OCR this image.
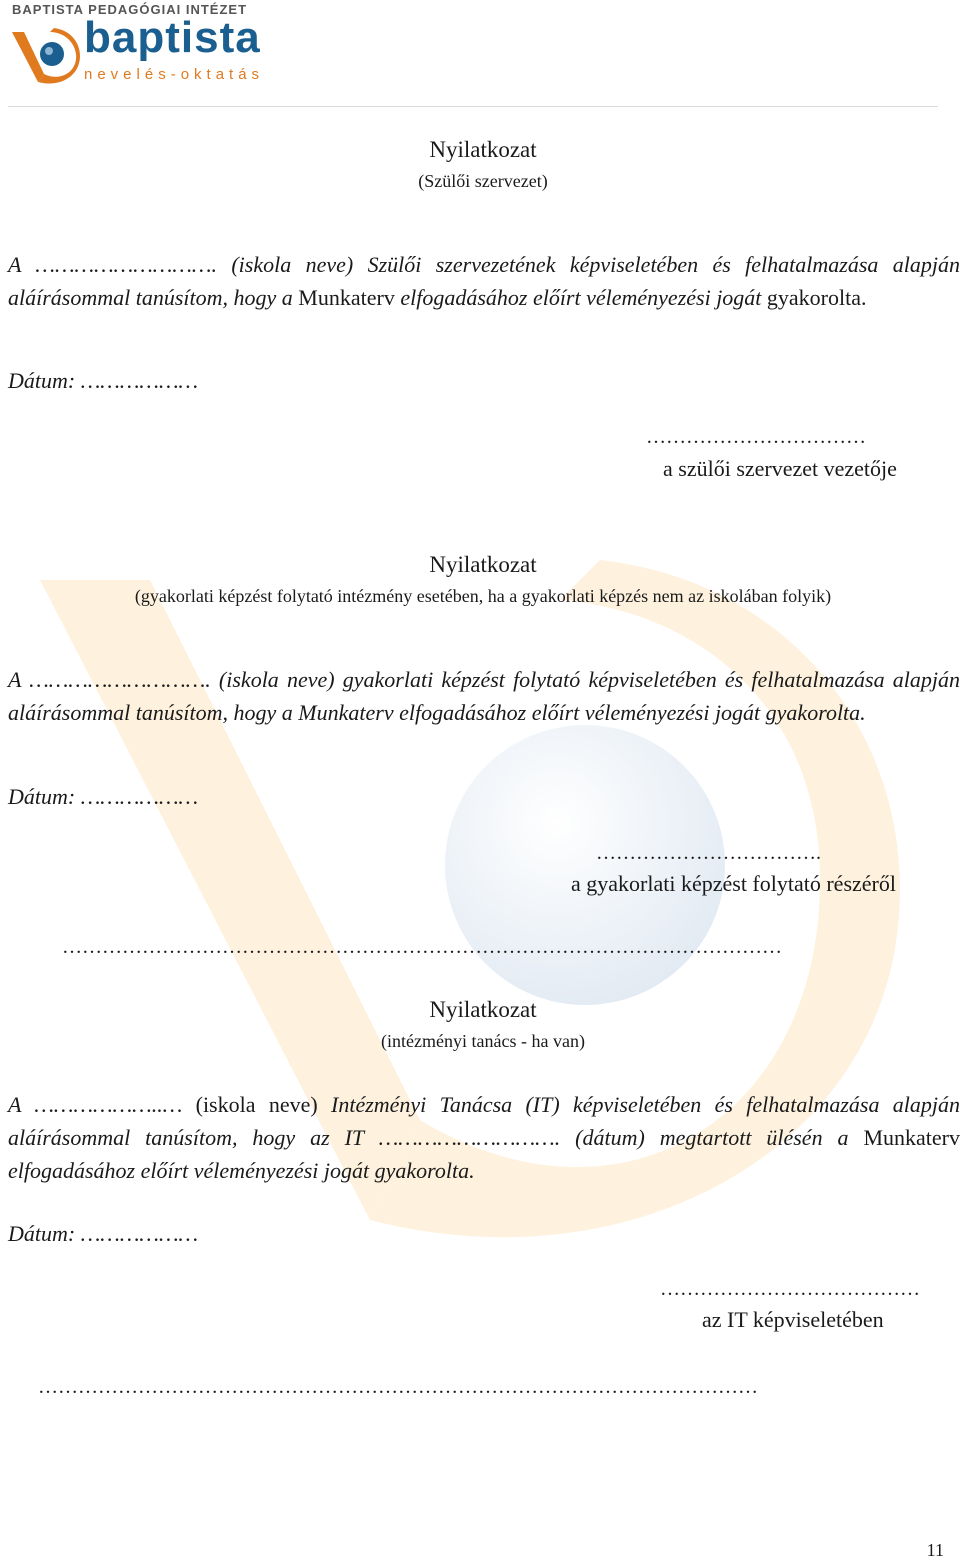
BAPTISTA PEDAGÓGIAI INTÉZET
baptista
nevelés-oktatás
Nyilatkozat
(Szülői szervezet)
A ………………………. (iskola neve) Szülői szervezetének képviseletében és felhatalmazása alapján aláírásommal tanúsítom, hogy a Munkaterv elfogadásához előírt véleményezési jogát gyakorolta.
Dátum: ………………
……………………………
a szülői szervezet vezetője
Nyilatkozat
(gyakorlati képzést folytató intézmény esetében, ha a gyakorlati képzés nem az iskolában folyik)
A ………………………. (iskola neve) gyakorlati képzést folytató képviseletében és felhatalmazása alapján aláírásommal tanúsítom, hogy a Munkaterv elfogadásához előírt véleményezési jogát gyakorolta.
Dátum: ………………
…………………………….
a gyakorlati képzést folytató részéről
………………………………………………………………………………………………
Nyilatkozat
(intézményi tanács - ha van)
A ………………..… (iskola neve) Intézményi Tanácsa (IT) képviseletében és felhatalmazása alapján aláírásommal tanúsítom, hogy az IT ………………………. (dátum) megtartott ülésén a Munkaterv elfogadásához előírt véleményezési jogát gyakorolta.
Dátum: ………………
…………………………………
az IT képviseletében
………………………………………………………………………………………………
11
